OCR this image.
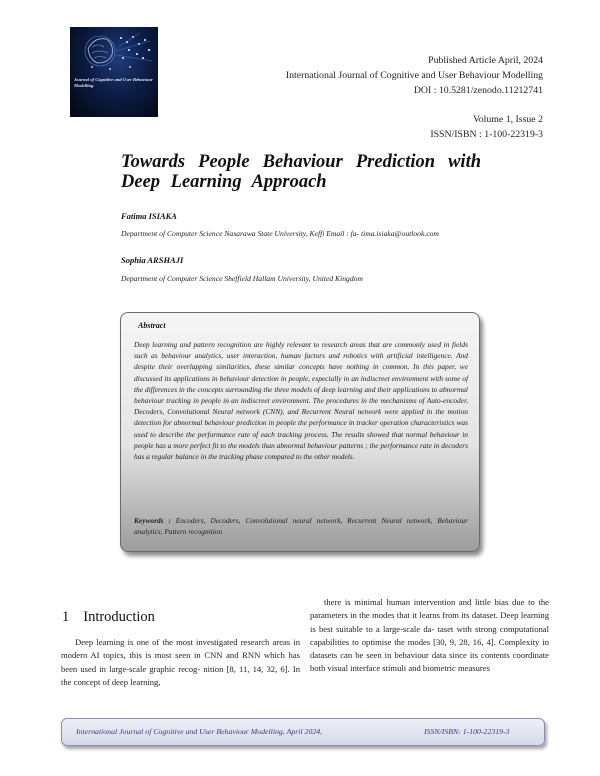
Journal of Cognitive and User Behaviour Modelling
Published Article April, 2024
International Journal of Cognitive and User Behaviour Modelling
DOI : 10.5281/zenodo.11212741
Volume 1, Issue 2
ISSN/ISBN : 1-100-22319-3
Towards People Behaviour Prediction with Deep Learning Approach
Fatima ISIAKA
Department of Computer Science Nasarawa State University, Keffi Email : fa- tima.isiaka@outlook.com
Sophia ARSHAJI
Department of Computer Science Sheffield Hallam University, United Kingdom
Abstract
Deep learning and pattern recognition are highly relevant to research areas that are commonly used in fields such as behaviour analytics, user interaction, human factors and robotics with artificial intelligence. And despite their overlapping similarities, these similar concepts have nothing in common. In this paper, we discussed its applications in behaviour detection in people, especially in an indiscreet environment with some of the differences in the concepts surrounding the three models of deep learning and their applications to abnormal behaviour tracking in people in an indiscreet environment. The procedures in the mechanisms of Auto-encoder, Decoders, Convolutional Neural network (CNN), and Recurrent Neural network were applied in the motion detection for abnormal behaviour prediction in people the performance in tracker operation characteristics was used to describe the performance rate of each tracking process. The results showed that normal behaviour in people has a more perfect fit to the models than abnormal behaviour patterns ; the performance rate in decoders has a regular balance in the tracking phase compared to the other models.
Keywords : Encoders, Decoders, Convolutional neural network, Recurrent Neural network, Behaviour analytics, Pattern recognition
1 Introduction
Deep learning is one of the most investigated research areas in modern AI topics, this is most seen in CNN and RNN which has been used in large-scale graphic recog- nition [8, 11, 14, 32, 6]. In the concept of deep learning,
there is minimal human intervention and little bias due to the parameters in the modes that it learns from its dataset. Deep learning is best suitable to a large-scale da- taset with strong computational capabilities to optimise the modes [30, 9, 28, 16, 4]. Complexity in datasets can be seen in behaviour data since its contents coordinate both visual interface stimuli and biometric measures
International Journal of Cognitive and User Behaviour Modelling, April 2024,	ISSN/ISBN: 1-100-22319-3
